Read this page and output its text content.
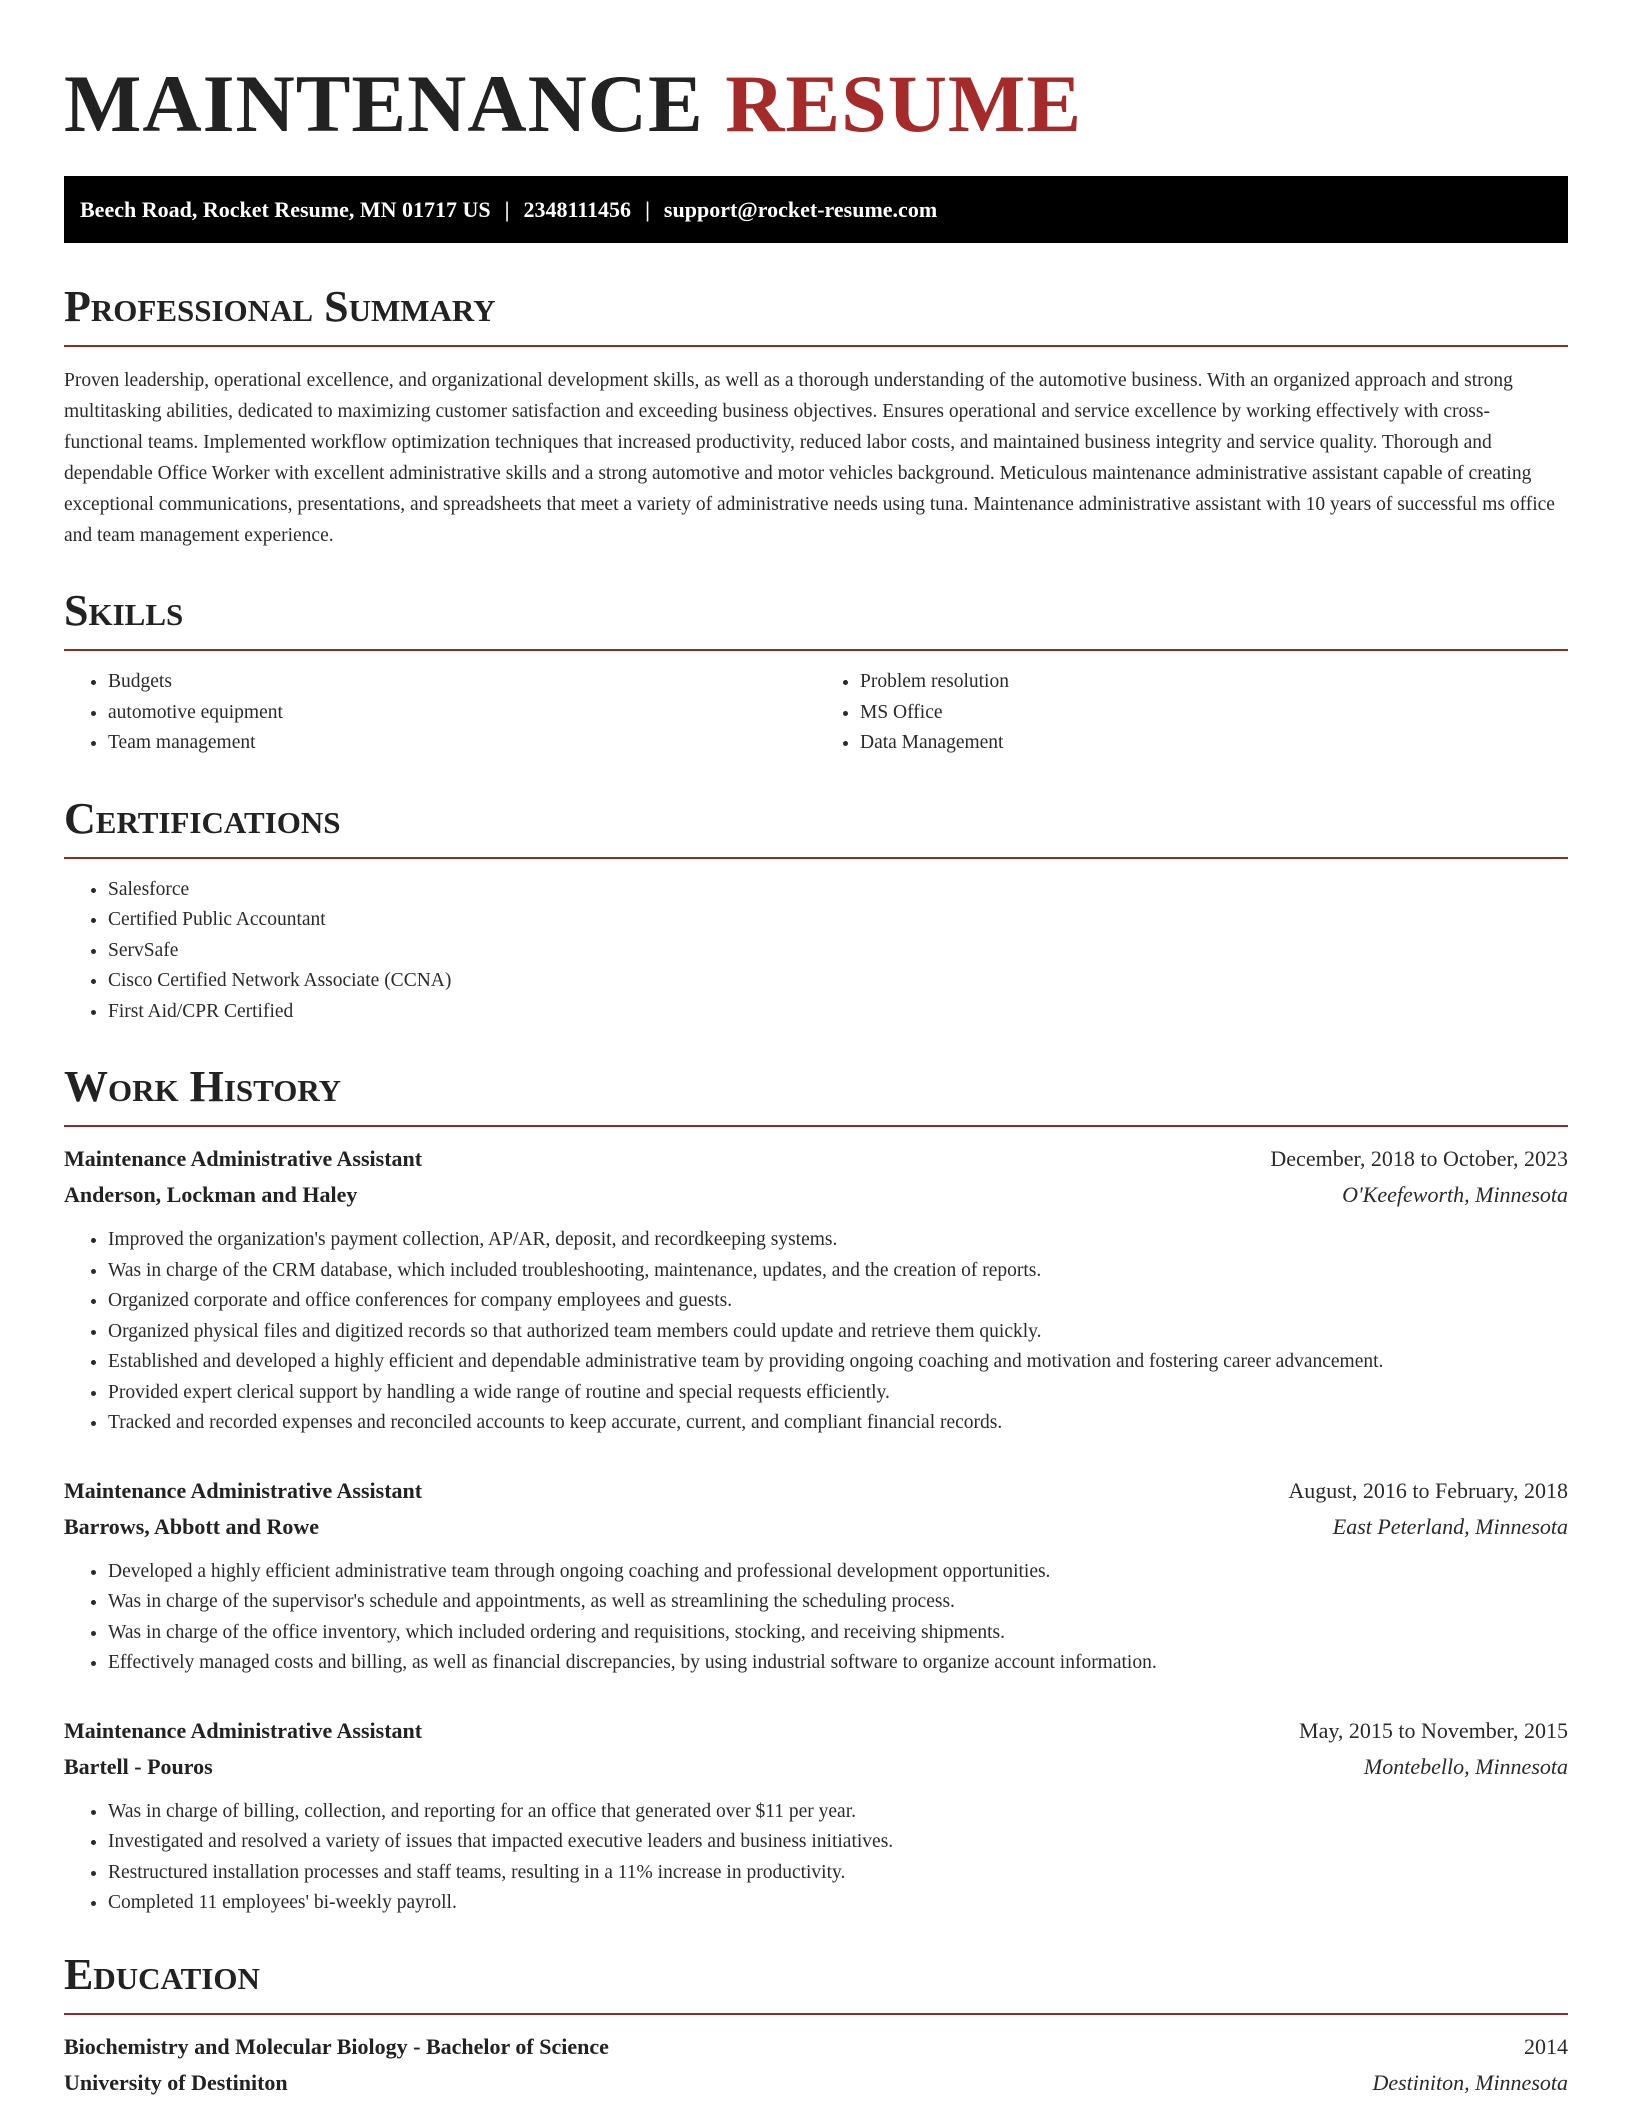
MAINTENANCE RESUME
Beech Road, Rocket Resume, MN 01717 US | 2348111456 | support@rocket-resume.com
Professional Summary

Proven leadership, operational excellence, and organizational development skills, as well as a thorough understanding of the automotive business. With an organized approach and strong multitasking abilities, dedicated to maximizing customer satisfaction and exceeding business objectives. Ensures operational and service excellence by working effectively with cross-functional teams. Implemented workflow optimization techniques that increased productivity, reduced labor costs, and maintained business integrity and service quality. Thorough and dependable Office Worker with excellent administrative skills and a strong automotive and motor vehicles background. Meticulous maintenance administrative assistant capable of creating exceptional communications, presentations, and spreadsheets that meet a variety of administrative needs using tuna. Maintenance administrative assistant with 10 years of successful ms office and team management experience.

Skills
• Budgets
• automotive equipment
• Team management
• Problem resolution
• MS Office
• Data Management
Certifications
• Salesforce
• Certified Public Accountant
• ServSafe
• Cisco Certified Network Associate (CCNA)
• First Aid/CPR Certified
Work History
Maintenance Administrative Assistant	December, 2018 to October, 2023
Anderson, Lockman and Haley	O'Keefeworth, Minnesota
• Improved the organization's payment collection, AP/AR, deposit, and recordkeeping systems.
• Was in charge of the CRM database, which included troubleshooting, maintenance, updates, and the creation of reports.
• Organized corporate and office conferences for company employees and guests.
• Organized physical files and digitized records so that authorized team members could update and retrieve them quickly.
• Established and developed a highly efficient and dependable administrative team by providing ongoing coaching and motivation and fostering career advancement.
• Provided expert clerical support by handling a wide range of routine and special requests efficiently.
• Tracked and recorded expenses and reconciled accounts to keep accurate, current, and compliant financial records.
Maintenance Administrative Assistant	August, 2016 to February, 2018
Barrows, Abbott and Rowe	East Peterland, Minnesota
• Developed a highly efficient administrative team through ongoing coaching and professional development opportunities.
• Was in charge of the supervisor's schedule and appointments, as well as streamlining the scheduling process.
• Was in charge of the office inventory, which included ordering and requisitions, stocking, and receiving shipments.
• Effectively managed costs and billing, as well as financial discrepancies, by using industrial software to organize account information.
Maintenance Administrative Assistant	May, 2015 to November, 2015
Bartell - Pouros	Montebello, Minnesota
• Was in charge of billing, collection, and reporting for an office that generated over $11 per year.
• Investigated and resolved a variety of issues that impacted executive leaders and business initiatives.
• Restructured installation processes and staff teams, resulting in a 11% increase in productivity.
• Completed 11 employees' bi-weekly payroll.
Education
Biochemistry and Molecular Biology - Bachelor of Science	2014
University of Destiniton	Destiniton, Minnesota
